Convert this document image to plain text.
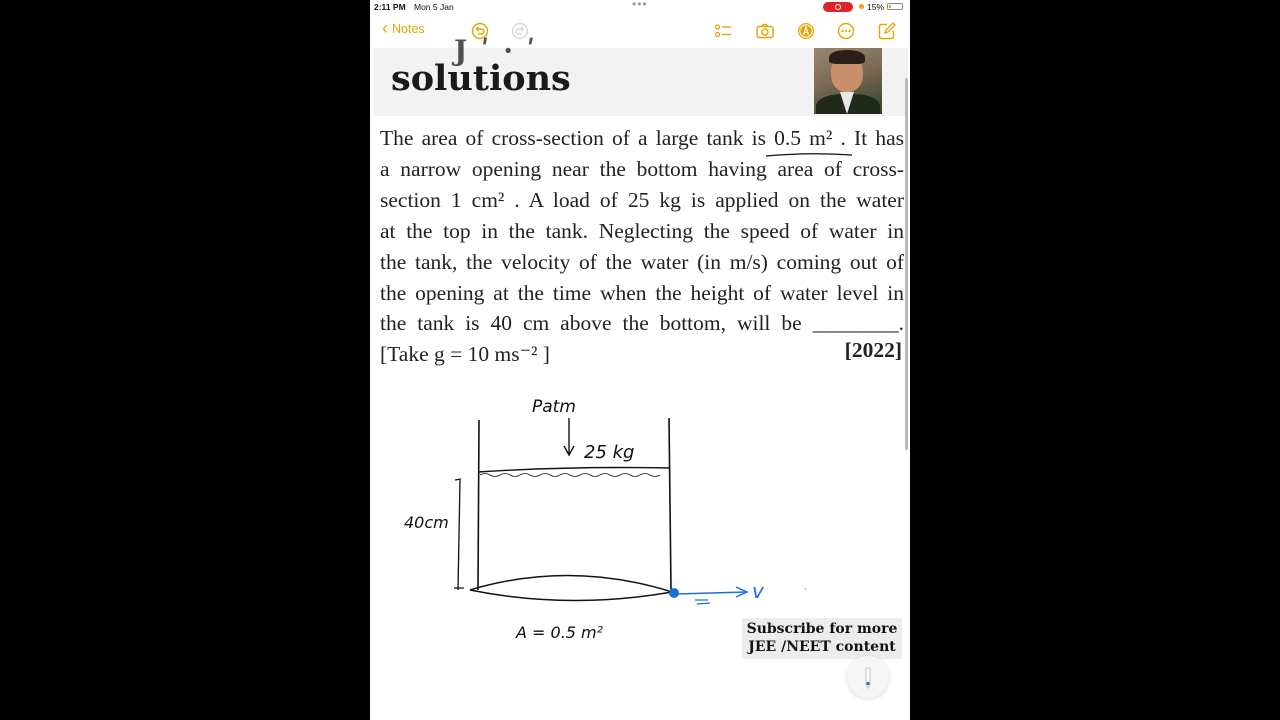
2:11 PM Mon 5 Jan	•••	15%
‹ Notes
J ʹ · ʹ
solutions
The area of cross-section of a large tank is 0.5 m² . It has
a narrow opening near the bottom having area of cross-
section 1 cm² . A load of 25 kg is applied on the water
at the top in the tank. Neglecting the speed of water in
the tank, the velocity of the water (in m/s) coming out of
the opening at the time when the height of water level in
the tank is 40 cm above the bottom, will be ________.
[Take g = 10 ms⁻² ]	[2022]
·
Patm
25 kg
40cm
v
A = 0.5 m²	Subscribe for more
JEE /NEET content
